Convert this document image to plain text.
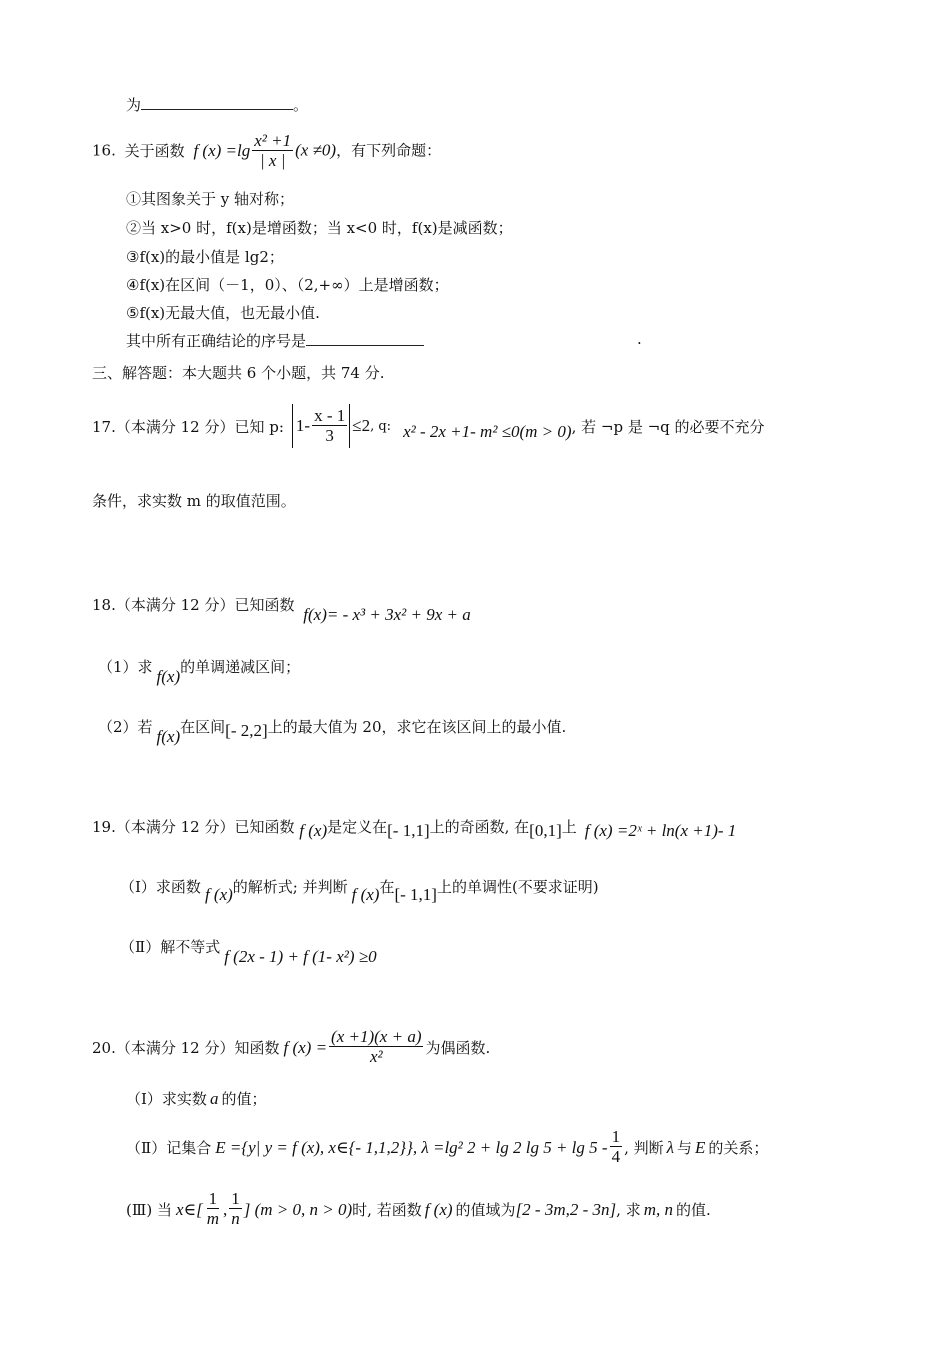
为	。
16. 关于函数 f $(x) =\lg \frac{\text{x² +1}}{| x |} (x \ne 0)$，有下列命题：
①其图象关于 y 轴对称；
②当 x>0 时，f(x)是增函数；当 x<0 时，f(x)是减函数；
③f(x)的最小值是 lg2；
④f(x)在区间（－1，0）、（2,+∞）上是增函数；
⑤f(x)无最大值，也无最小值.
其中所有正确结论的序号是	.
三、解答题：本大题共 6 个小题，共 74 分.
17.（本满分 12 分）已知 p: $1- \frac{x - 1}{3} \le 2$ , q: x² - 2x +1- m² ≤0(m > 0) , 若 ¬p 是 ¬q 的必要不充分
条件，求实数 m 的取值范围。
18.（本满分 12 分）已知函数 f(x)= - x³ + 3x² + 9x + a
（1）求 f(x)的单调递减区间；
（2）若 f(x)在区间[- 2,2]上的最大值为 20，求它在该区间上的最小值.
19.（本满分 12 分）已知函数 f (x)是定义在[- 1,1]上的奇函数, 在[0,1]上 f (x) =2ˣ + ln(x +1)- 1
（Ⅰ）求函数 f (x)的解析式; 并判断 f (x)在[- 1,1]上的单调性(不要求证明)
（Ⅱ）解不等式 f (2x - 1) + f (1- x²) ≥0
20.（本满分 12 分）知函数 f $(x) = \frac{(x +1)(x + a)}{\text{x²}}$ 为偶函数.
（Ⅰ）求实数 a 的值；
（Ⅱ）记集合 E ={y| y = f (x), x∈{- 1,1,2}}, λ =lg² 2 + lg 2 $\lg 5 + \lg 5 - \frac{1}{4}$ , 判断 λ 与 E 的关系；
(Ⅲ) 当 x∈[ $\frac{1}{m}$ , $\frac{1}{n}$ ] (m > 0, n > 0) 时, 若函数 f (x) 的值域为 [2 - 3m,2 - 3n] , 求 m, n 的值.
